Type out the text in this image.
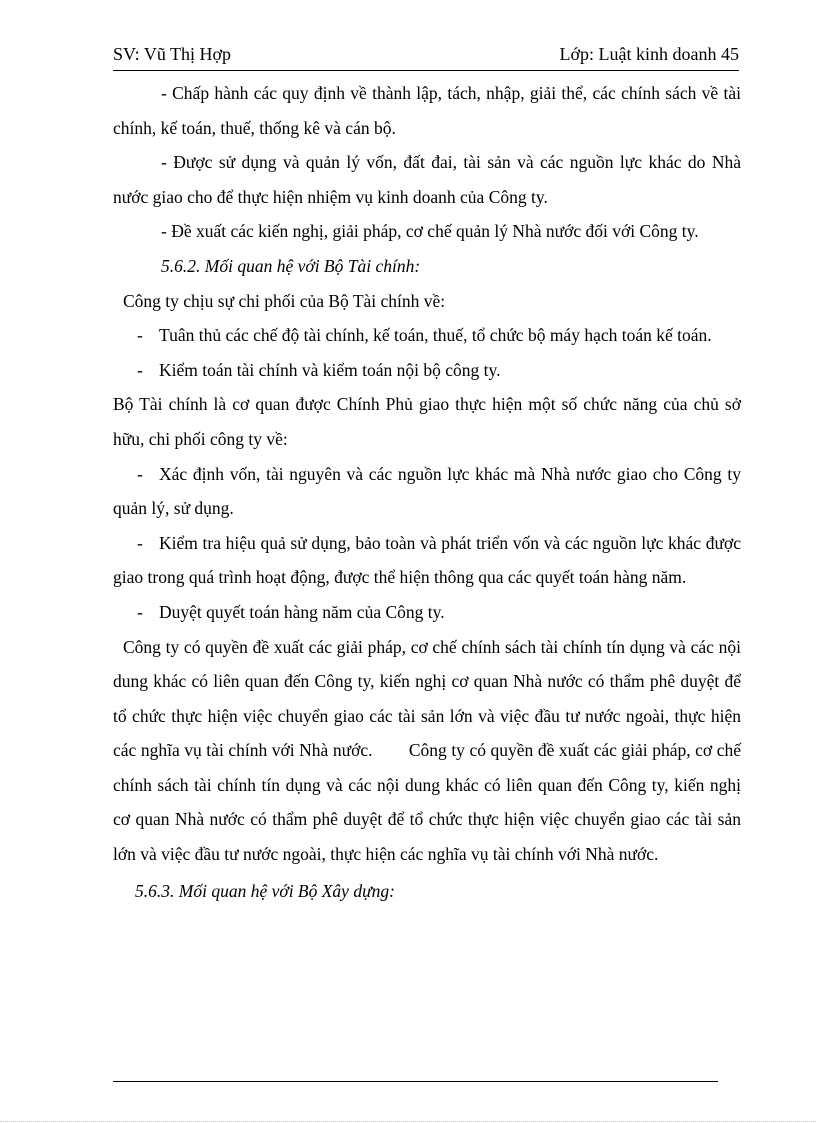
SV: Vũ Thị Hợp	Lớp: Luật kinh doanh 45

- Chấp hành các quy định về thành lập, tách, nhập, giải thể, các chính sách về tài chính, kế toán, thuế, thống kê và cán bộ.

- Được sử dụng và quản lý vốn, đất đai, tài sản và các nguồn lực khác do Nhà nước giao cho để thực hiện nhiệm vụ kinh doanh của Công ty.

- Đề xuất các kiến nghị, giải pháp, cơ chế quản lý Nhà nước đối với Công ty.

5.6.2. Mối quan hệ với Bộ Tài chính:

Công ty chịu sự chi phối của Bộ Tài chính về:

- Tuân thủ các chế độ tài chính, kế toán, thuế, tổ chức bộ máy hạch toán kế toán.

- Kiểm toán tài chính và kiểm toán nội bộ công ty.

Bộ Tài chính là cơ quan được Chính Phủ giao thực hiện một số chức năng của chủ sở hữu, chi phối công ty về:

- Xác định vốn, tài nguyên và các nguồn lực khác mà Nhà nước giao cho Công ty quản lý, sử dụng.

- Kiểm tra hiệu quả sử dụng, bảo toàn và phát triển vốn và các nguồn lực khác được giao trong quá trình hoạt động, được thể hiện thông qua các quyết toán hàng năm.

- Duyệt quyết toán hàng năm của Công ty.

Công ty có quyền đề xuất các giải pháp, cơ chế chính sách tài chính tín dụng và các nội dung khác có liên quan đến Công ty, kiến nghị cơ quan Nhà nước có thẩm phê duyệt để tổ chức thực hiện việc chuyển giao các tài sản lớn và việc đầu tư nước ngoài, thực hiện các nghĩa vụ tài chính với Nhà nước. Công ty có quyền đề xuất các giải pháp, cơ chế chính sách tài chính tín dụng và các nội dung khác có liên quan đến Công ty, kiến nghị cơ quan Nhà nước có thẩm phê duyệt để tổ chức thực hiện việc chuyển giao các tài sản lớn và việc đầu tư nước ngoài, thực hiện các nghĩa vụ tài chính với Nhà nước.

5.6.3. Mối quan hệ với Bộ Xây dựng:
